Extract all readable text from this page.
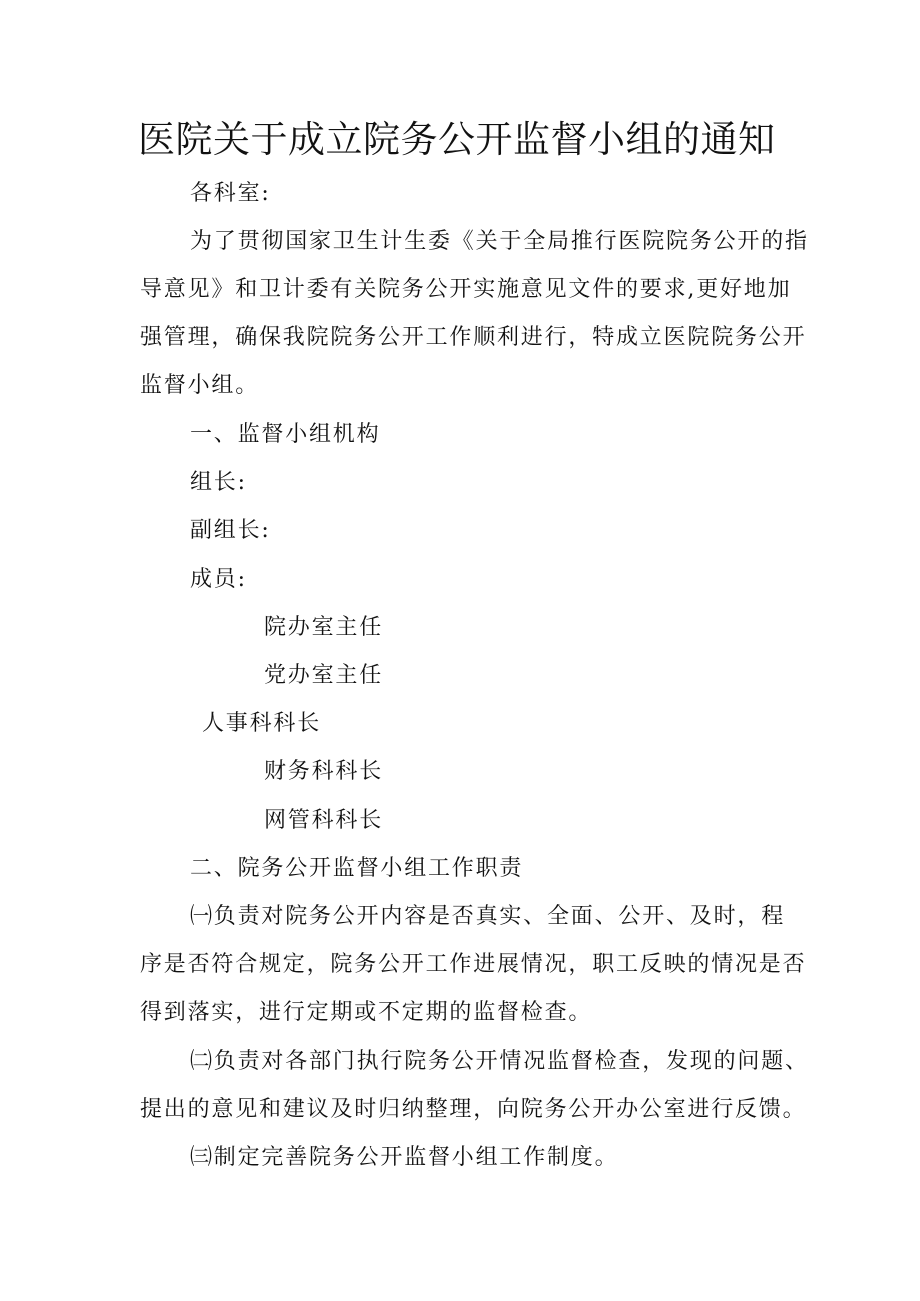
医院关于成立院务公开监督小组的通知
各科室:
为了贯彻国家卫生计生委《关于全局推行医院院务公开的指
导意见》和卫计委有关院务公开实施意见文件的要求,更好地加
强管理，确保我院院务公开工作顺利进行，特成立医院院务公开
监督小组。
一、监督小组机构
组长:
副组长:
成员:
院办室主任
党办室主任
人事科科长
财务科科长
网管科科长
二、院务公开监督小组工作职责
㈠负责对院务公开内容是否真实、全面、公开、及时，程
序是否符合规定，院务公开工作进展情况，职工反映的情况是否
得到落实，进行定期或不定期的监督检查。
㈡负责对各部门执行院务公开情况监督检查，发现的问题、
提出的意见和建议及时归纳整理，向院务公开办公室进行反馈。
㈢制定完善院务公开监督小组工作制度。
